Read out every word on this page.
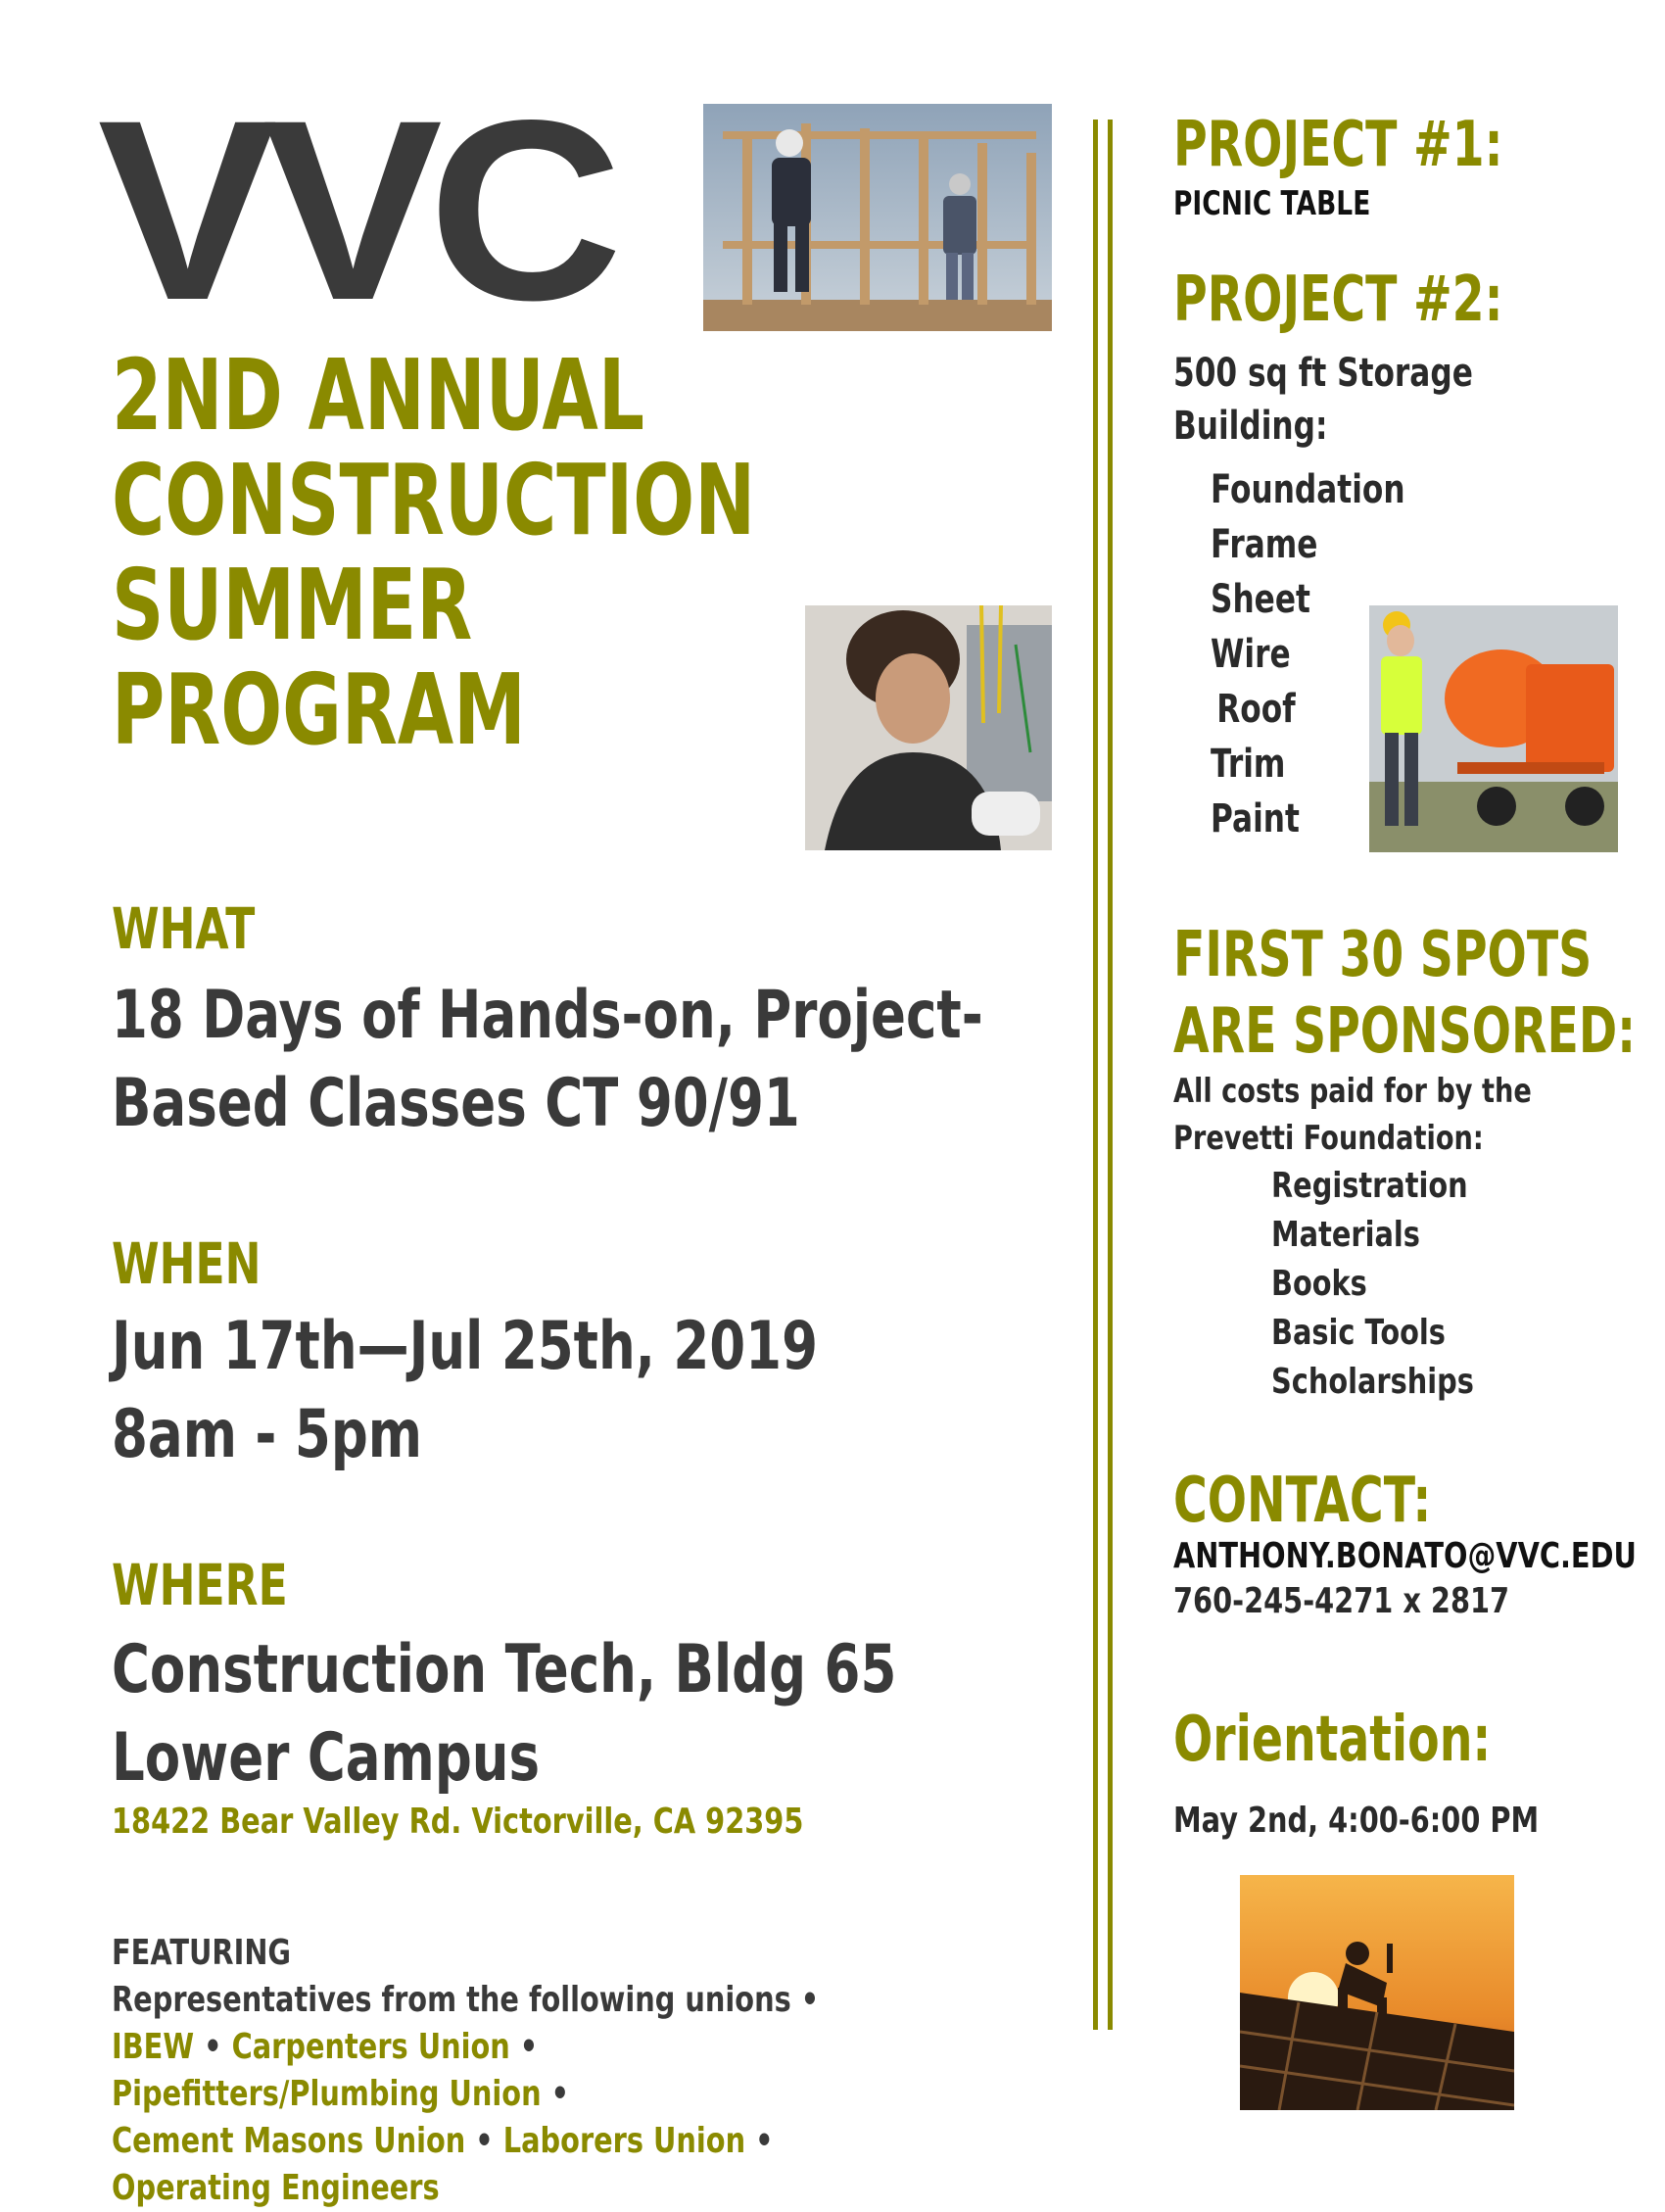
VVC
2ND ANNUAL
CONSTRUCTION
SUMMER
PROGRAM
WHAT
18 Days of Hands-on, Project-
Based Classes CT 90/91
WHEN
Jun 17th—Jul 25th, 2019
8am - 5pm
WHERE
Construction Tech, Bldg 65
Lower Campus
18422 Bear Valley Rd. Victorville, CA 92395
FEATURING  Representatives from the following unions • IBEW • Carpenters Union • Pipefitters/Plumbing Union • Cement Masons Union • Laborers Union • Operating Engineers
PROJECT #1:
PICNIC TABLE
PROJECT #2:
500 sq ft Storage
Building:
Foundation
Frame
Sheet
Wire
Roof
Trim
Paint
FIRST 30 SPOTS
ARE SPONSORED:
All costs paid for by the
Prevetti Foundation:
Registration
Materials
Books
Basic Tools
Scholarships
CONTACT:
ANTHONY.BONATO@VVC.EDU
760-245-4271 x 2817
Orientation:
May 2nd, 4:00-6:00 PM
